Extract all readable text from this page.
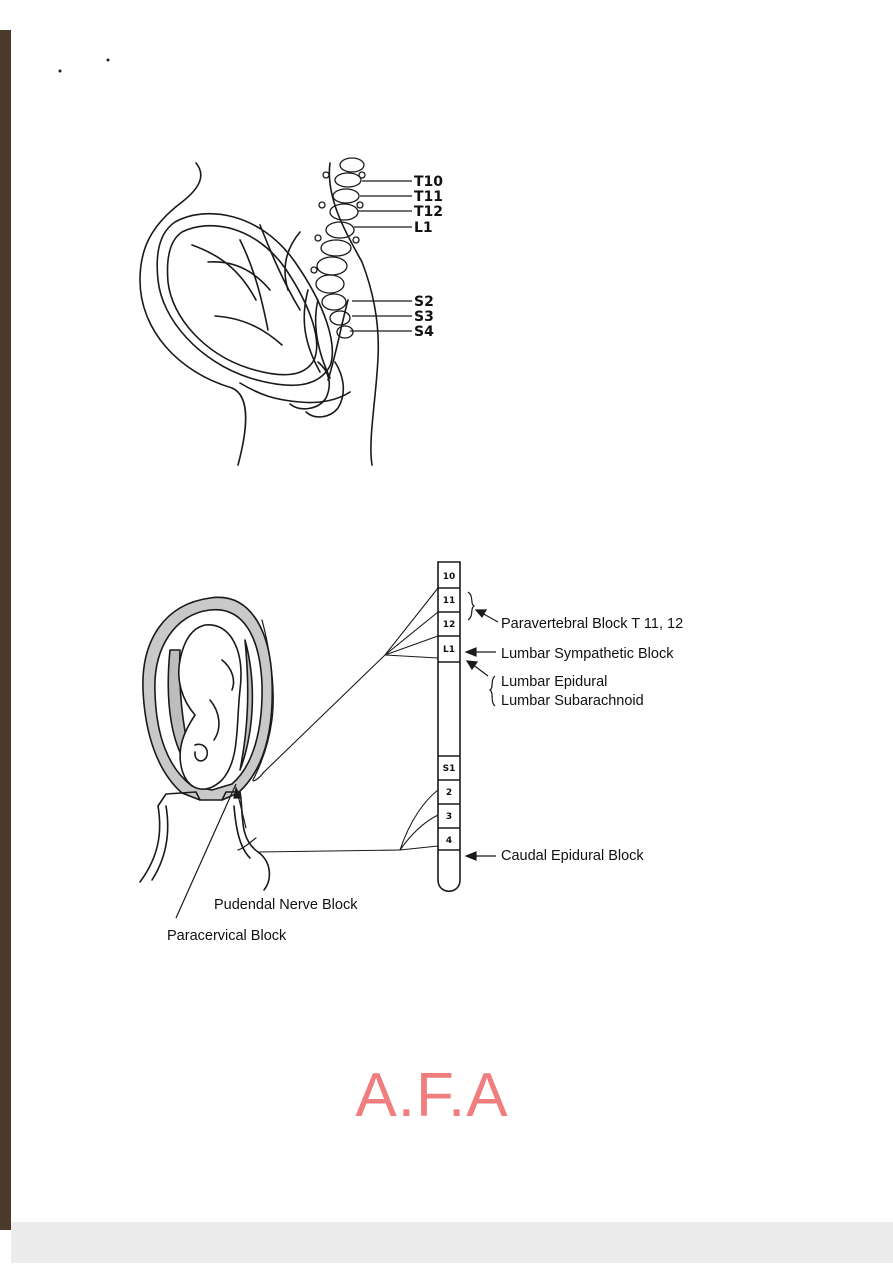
T10
T11
T12
L1
S2
S3
S4
10
11
12
L1
S1
2
3
4
Paravertebral Block T 11, 12
Lumbar Sympathetic Block
Lumbar Epidural
Lumbar Subarachnoid
Caudal Epidural Block
Pudendal Nerve Block
Paracervical Block
A.F.A
